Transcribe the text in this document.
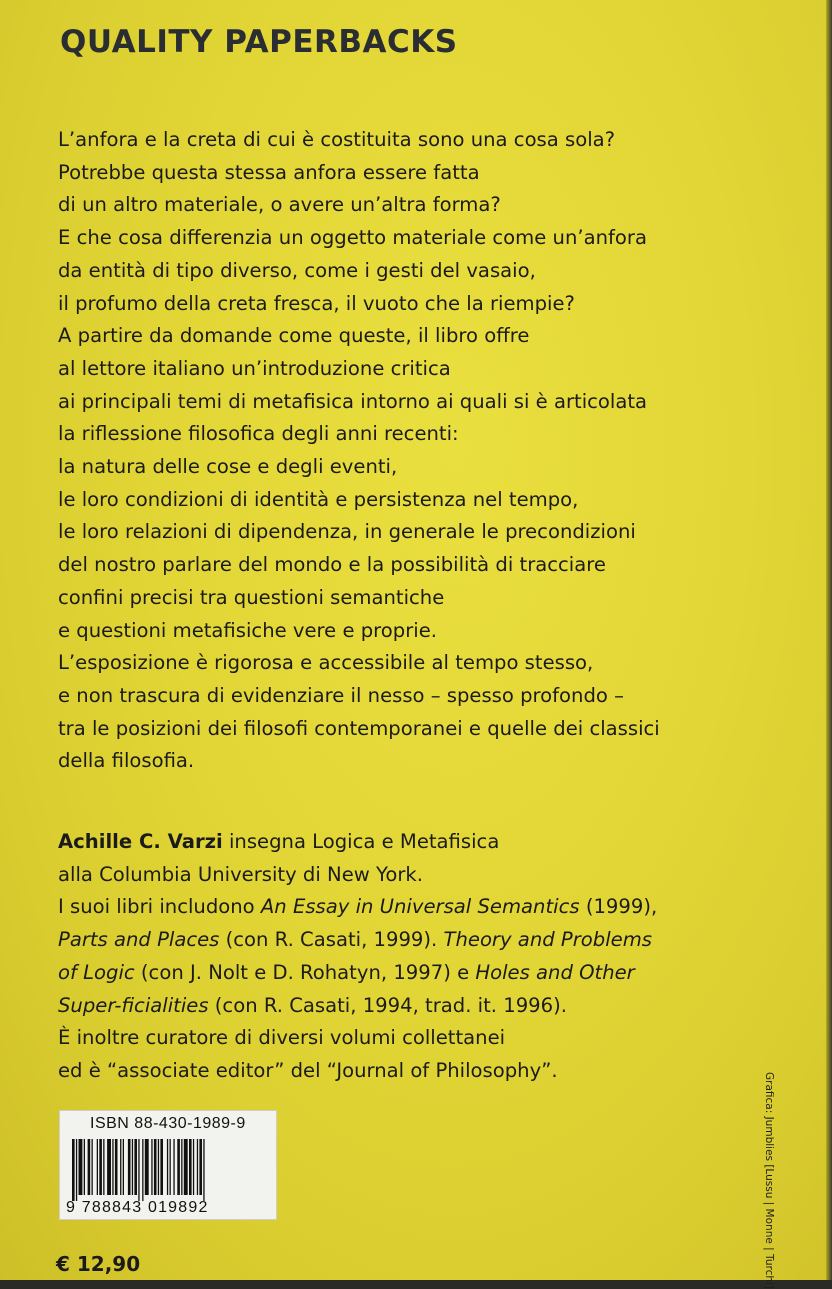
QUALITY PAPERBACKS
L’anfora e la creta di cui è costituita sono una cosa sola?
Potrebbe questa stessa anfora essere fatta
di un altro materiale, o avere un’altra forma?
E che cosa differenzia un oggetto materiale come un’anfora
da entità di tipo diverso, come i gesti del vasaio,
il profumo della creta fresca, il vuoto che la riempie?
A partire da domande come queste, il libro offre
al lettore italiano un’introduzione critica
ai principali temi di metafisica intorno ai quali si è articolata
la riflessione filosofica degli anni recenti:
la natura delle cose e degli eventi,
le loro condizioni di identità e persistenza nel tempo,
le loro relazioni di dipendenza, in generale le precondizioni
del nostro parlare del mondo e la possibilità di tracciare
confini precisi tra questioni semantiche
e questioni metafisiche vere e proprie.
L’esposizione è rigorosa e accessibile al tempo stesso,
e non trascura di evidenziare il nesso – spesso profondo –
tra le posizioni dei filosofi contemporanei e quelle dei classici
della filosofia.
Achille C. Varzi insegna Logica e Metafisica
alla Columbia University di New York.
I suoi libri includono An Essay in Universal Semantics (1999),
Parts and Places (con R. Casati, 1999). Theory and Problems
of Logic (con J. Nolt e D. Rohatyn, 1997) e Holes and Other
Super-ficialities (con R. Casati, 1994, trad. it. 1996).
È inoltre curatore di diversi volumi collettanei
ed è “associate editor” del “Journal of Philosophy”.
Grafica: Jumblies [Lussu | Monne | Turchi]
ISBN 88-430-1989-9
9 788843 019892
€ 12,90
